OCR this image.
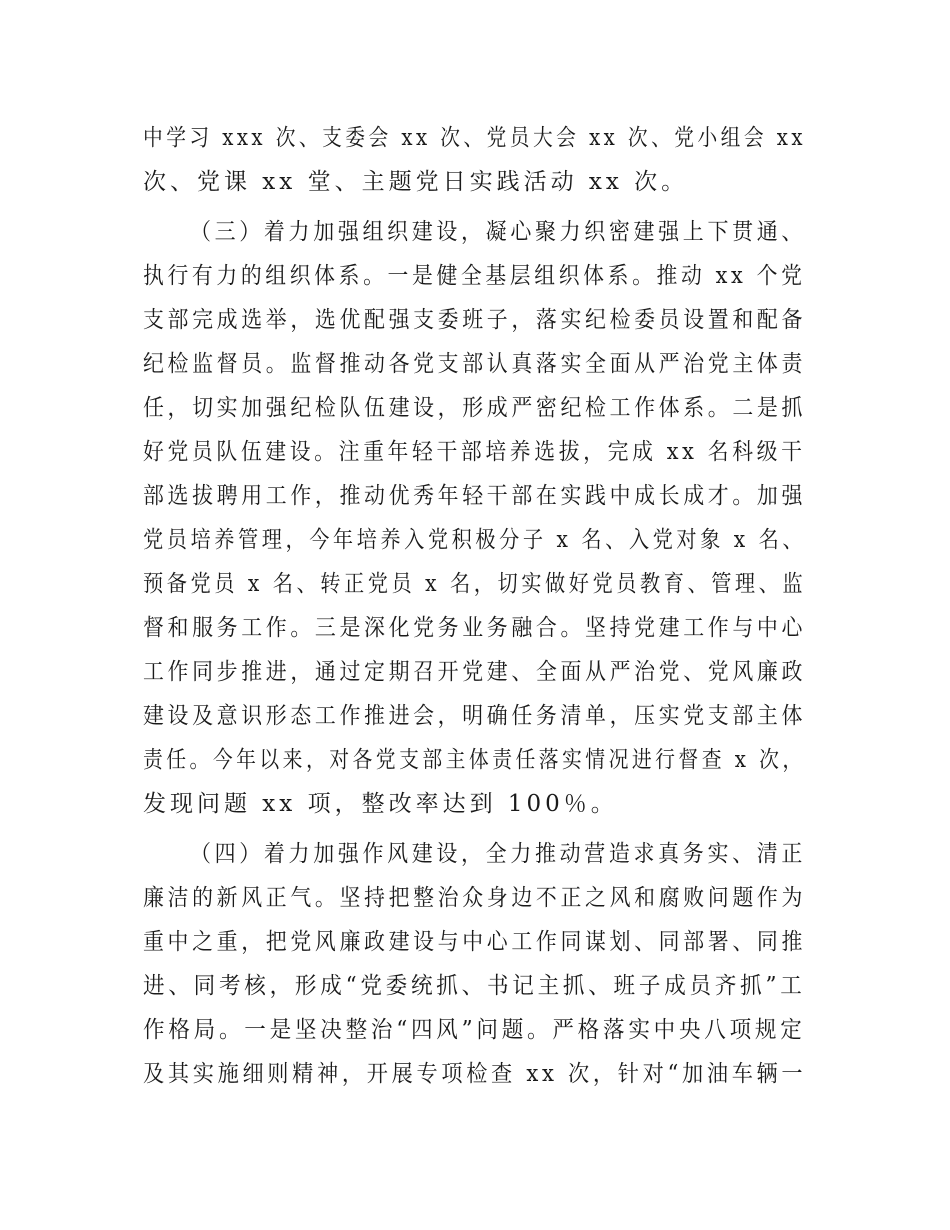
中学习 xxx 次、支委会 xx 次、党员大会 xx 次、党小组会 xx
次、党课 xx 堂、主题党日实践活动 xx 次。
（三）着力加强组织建设，凝心聚力织密建强上下贯通、
执行有力的组织体系。一是健全基层组织体系。推动 xx 个党
支部完成选举，选优配强支委班子，落实纪检委员设置和配备
纪检监督员。监督推动各党支部认真落实全面从严治党主体责
任，切实加强纪检队伍建设，形成严密纪检工作体系。二是抓
好党员队伍建设。注重年轻干部培养选拔，完成 xx 名科级干
部选拔聘用工作，推动优秀年轻干部在实践中成长成才。加强
党员培养管理，今年培养入党积极分子 x 名、入党对象 x 名、
预备党员 x 名、转正党员 x 名，切实做好党员教育、管理、监
督和服务工作。三是深化党务业务融合。坚持党建工作与中心
工作同步推进，通过定期召开党建、全面从严治党、党风廉政
建设及意识形态工作推进会，明确任务清单，压实党支部主体
责任。今年以来，对各党支部主体责任落实情况进行督查 x 次，
发现问题 xx 项，整改率达到 100％。
（四）着力加强作风建设，全力推动营造求真务实、清正
廉洁的新风正气。坚持把整治众身边不正之风和腐败问题作为
重中之重，把党风廉政建设与中心工作同谋划、同部署、同推
进、同考核，形成“党委统抓、书记主抓、班子成员齐抓”工
作格局。一是坚决整治“四风”问题。严格落实中央八项规定
及其实施细则精神，开展专项检查 xx 次，针对“加油车辆一
